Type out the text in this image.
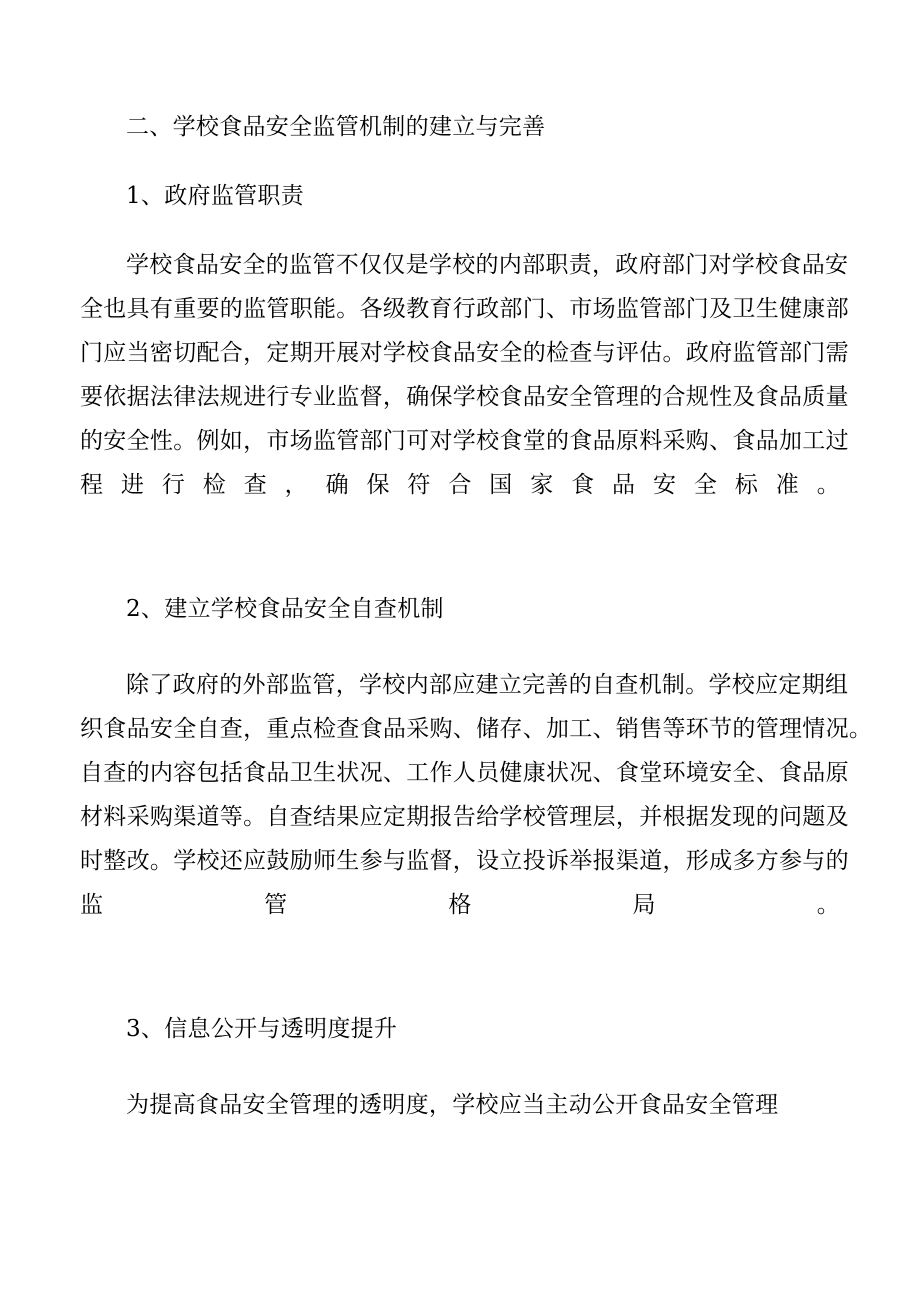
二、学校食品安全监管机制的建立与完善

1、政府监管职责

学校食品安全的监管不仅仅是学校的内部职责，政府部门对学校食品安

全也具有重要的监管职能。各级教育行政部门、市场监管部门及卫生健康部

门应当密切配合，定期开展对学校食品安全的检查与评估。政府监管部门需

要依据法律法规进行专业监督，确保学校食品安全管理的合规性及食品质量

的安全性。例如，市场监管部门可对学校食堂的食品原料采购、食品加工过

程进行检查，确保符合国家食品安全标准。

2、建立学校食品安全自查机制

除了政府的外部监管，学校内部应建立完善的自查机制。学校应定期组

织食品安全自查，重点检查食品采购、储存、加工、销售等环节的管理情况。

自查的内容包括食品卫生状况、工作人员健康状况、食堂环境安全、食品原

材料采购渠道等。自查结果应定期报告给学校管理层，并根据发现的问题及

时整改。学校还应鼓励师生参与监督，设立投诉举报渠道，形成多方参与的

监管格局。

3、信息公开与透明度提升

为提高食品安全管理的透明度，学校应当主动公开食品安全管理
